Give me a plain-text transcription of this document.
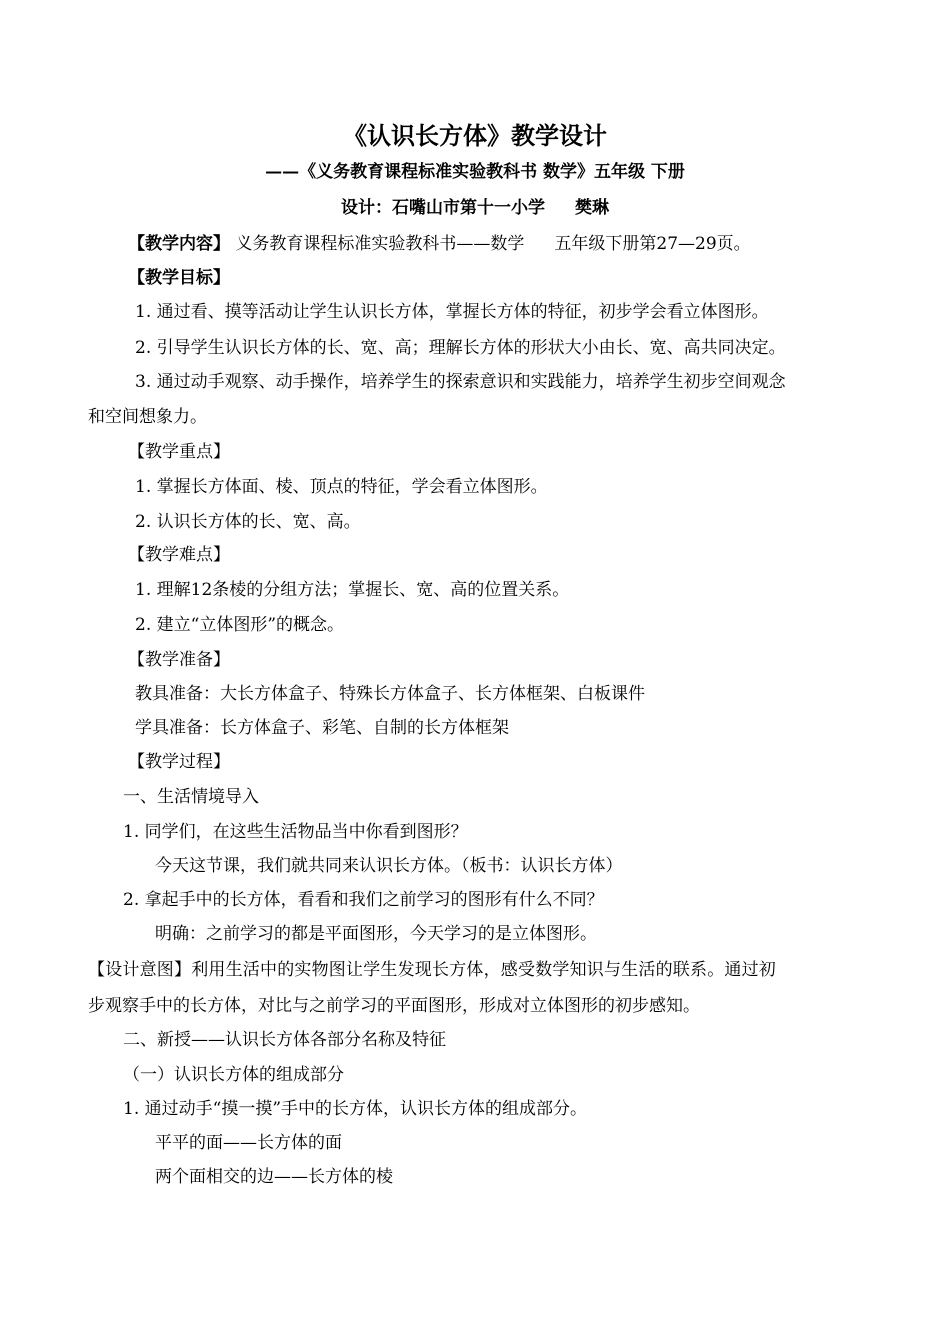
《认识长方体》教学设计
——《义务教育课程标准实验教科书 数学》五年级 下册
设计：石嘴山市第十一小学 樊琳
【教学内容】 义务教育课程标准实验教科书——数学 五年级下册第27—29页。
【教学目标】
1. 通过看、摸等活动让学生认识长方体，掌握长方体的特征，初步学会看立体图形。
2. 引导学生认识长方体的长、宽、高；理解长方体的形状大小由长、宽、高共同决定。
3. 通过动手观察、动手操作，培养学生的探索意识和实践能力，培养学生初步空间观念
和空间想象力。
【教学重点】
1. 掌握长方体面、棱、顶点的特征，学会看立体图形。
2. 认识长方体的长、宽、高。
【教学难点】
1. 理解12条棱的分组方法；掌握长、宽、高的位置关系。
2. 建立“立体图形”的概念。
【教学准备】
教具准备：大长方体盒子、特殊长方体盒子、长方体框架、白板课件
学具准备：长方体盒子、彩笔、自制的长方体框架
【教学过程】
一、生活情境导入
1. 同学们，在这些生活物品当中你看到图形？
今天这节课，我们就共同来认识长方体。（板书：认识长方体）
2. 拿起手中的长方体，看看和我们之前学习的图形有什么不同？
明确：之前学习的都是平面图形，今天学习的是立体图形。
【设计意图】利用生活中的实物图让学生发现长方体，感受数学知识与生活的联系。通过初
步观察手中的长方体，对比与之前学习的平面图形，形成对立体图形的初步感知。
二、新授——认识长方体各部分名称及特征
（一）认识长方体的组成部分
1. 通过动手“摸一摸”手中的长方体，认识长方体的组成部分。
平平的面——长方体的面
两个面相交的边——长方体的棱
